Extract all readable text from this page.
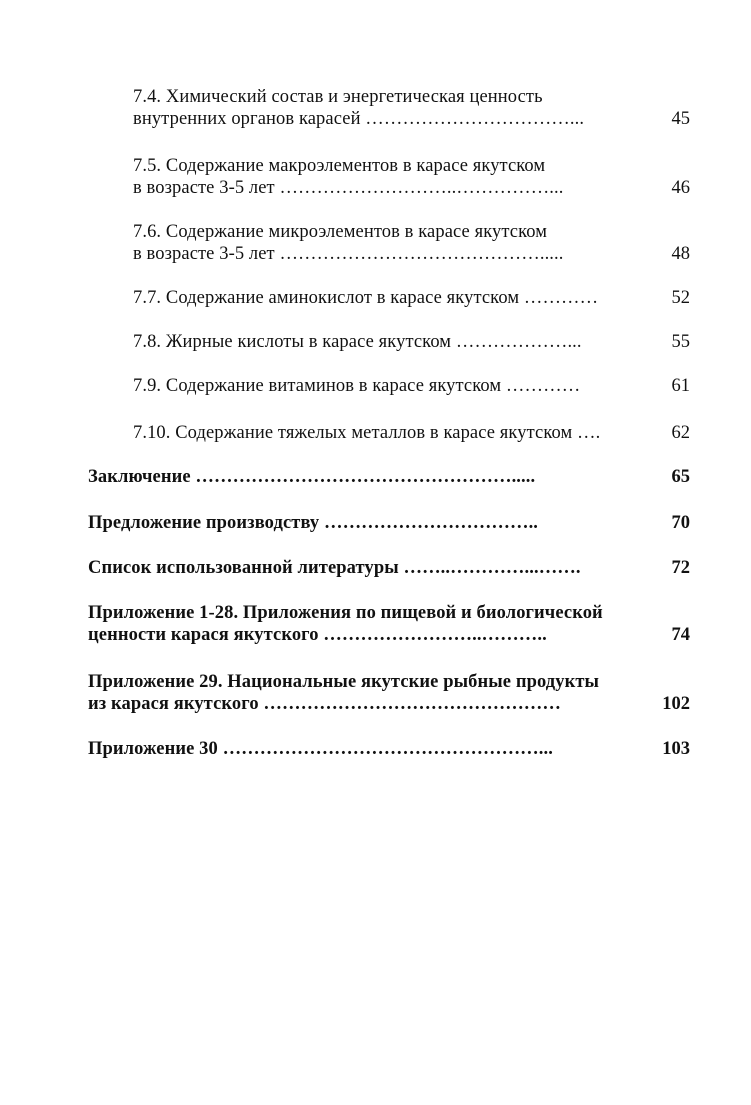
7.4. Химический состав и энергетическая ценность
внутренних органов карасей ……………………………...	45
7.5. Содержание макроэлементов в карасе якутском
в возрасте 3-5 лет ………………………..……………...	46
7.6. Содержание микроэлементов в карасе якутском
в возрасте 3-5 лет …………………………………….....	48
7.7. Содержание аминокислот в карасе якутском …………	52
7.8. Жирные кислоты в карасе якутском ………………...	55
7.9. Содержание витаминов в карасе якутском …………	61
7.10. Содержание тяжелых металлов в карасе якутском ….	62
Заключение …………………………………………….....	65
Предложение производству ……………………………..	70
Список использованной литературы ……..…………...…….	72
Приложение 1-28. Приложения по пищевой и биологической
ценности карася якутского ……………………..………..	74
Приложение 29. Национальные якутские рыбные продукты
из карася якутского …………………………………………	102
Приложение 30 ……………………………………………...	103
